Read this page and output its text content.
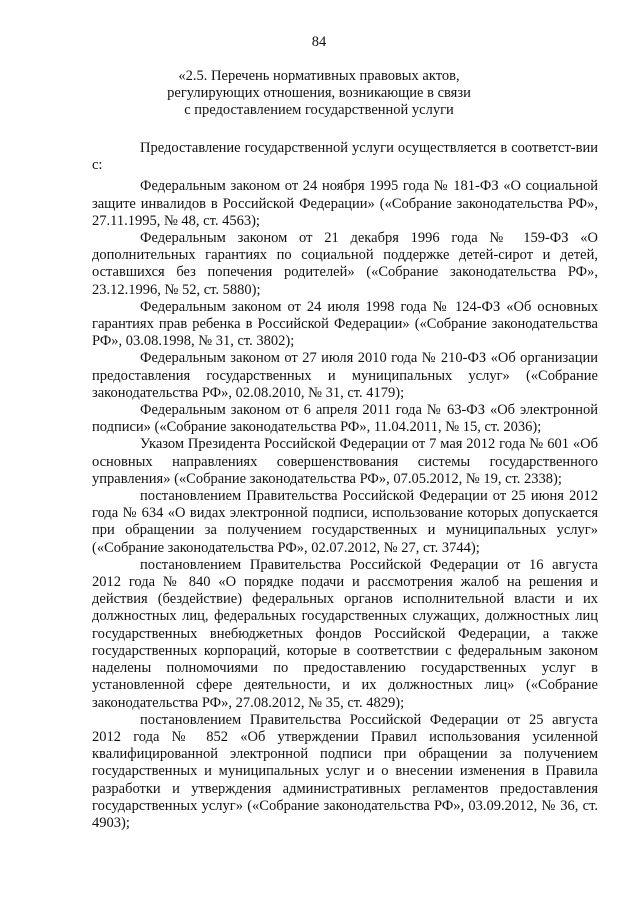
84
«2.5. Перечень нормативных правовых актов,
регулирующих отношения, возникающие в связи
с предоставлением государственной услуги

Предоставление государственной услуги осуществляется в соответст-вии с:

Федеральным законом от 24 ноября 1995 года № 181-ФЗ «О социальной защите инвалидов в Российской Федерации» («Собрание законодательства РФ», 27.11.1995, № 48, ст. 4563);

Федеральным законом от 21 декабря 1996 года № 159-ФЗ «О дополнительных гарантиях по социальной поддержке детей-сирот и детей, оставшихся без попечения родителей» («Собрание законодательства РФ», 23.12.1996, № 52, ст. 5880);

Федеральным законом от 24 июля 1998 года № 124-ФЗ «Об основных гарантиях прав ребенка в Российской Федерации» («Собрание законодательства РФ», 03.08.1998, № 31, ст. 3802);

Федеральным законом от 27 июля 2010 года № 210-ФЗ «Об организации предоставления государственных и муниципальных услуг» («Собрание законодательства РФ», 02.08.2010, № 31, ст. 4179);

Федеральным законом от 6 апреля 2011 года № 63-ФЗ «Об электронной подписи» («Собрание законодательства РФ», 11.04.2011, № 15, ст. 2036);

Указом Президента Российской Федерации от 7 мая 2012 года № 601 «Об основных направлениях совершенствования системы государственного управления» («Собрание законодательства РФ», 07.05.2012, № 19, ст. 2338);

постановлением Правительства Российской Федерации от 25 июня 2012 года № 634 «О видах электронной подписи, использование которых допускается при обращении за получением государственных и муниципальных услуг» («Собрание законодательства РФ», 02.07.2012, № 27, ст. 3744);

постановлением Правительства Российской Федерации от 16 августа 2012 года № 840 «О порядке подачи и рассмотрения жалоб на решения и действия (бездействие) федеральных органов исполнительной власти и их должностных лиц, федеральных государственных служащих, должностных лиц государственных внебюджетных фондов Российской Федерации, а также государственных корпораций, которые в соответствии с федеральным законом наделены полномочиями по предоставлению государственных услуг в установленной сфере деятельности, и их должностных лиц» («Собрание законодательства РФ», 27.08.2012, № 35, ст. 4829);

постановлением Правительства Российской Федерации от 25 августа 2012 года № 852 «Об утверждении Правил использования усиленной квалифицированной электронной подписи при обращении за получением государственных и муниципальных услуг и о внесении изменения в Правила разработки и утверждения административных регламентов предоставления государственных услуг» («Собрание законодательства РФ», 03.09.2012, № 36, ст. 4903);
